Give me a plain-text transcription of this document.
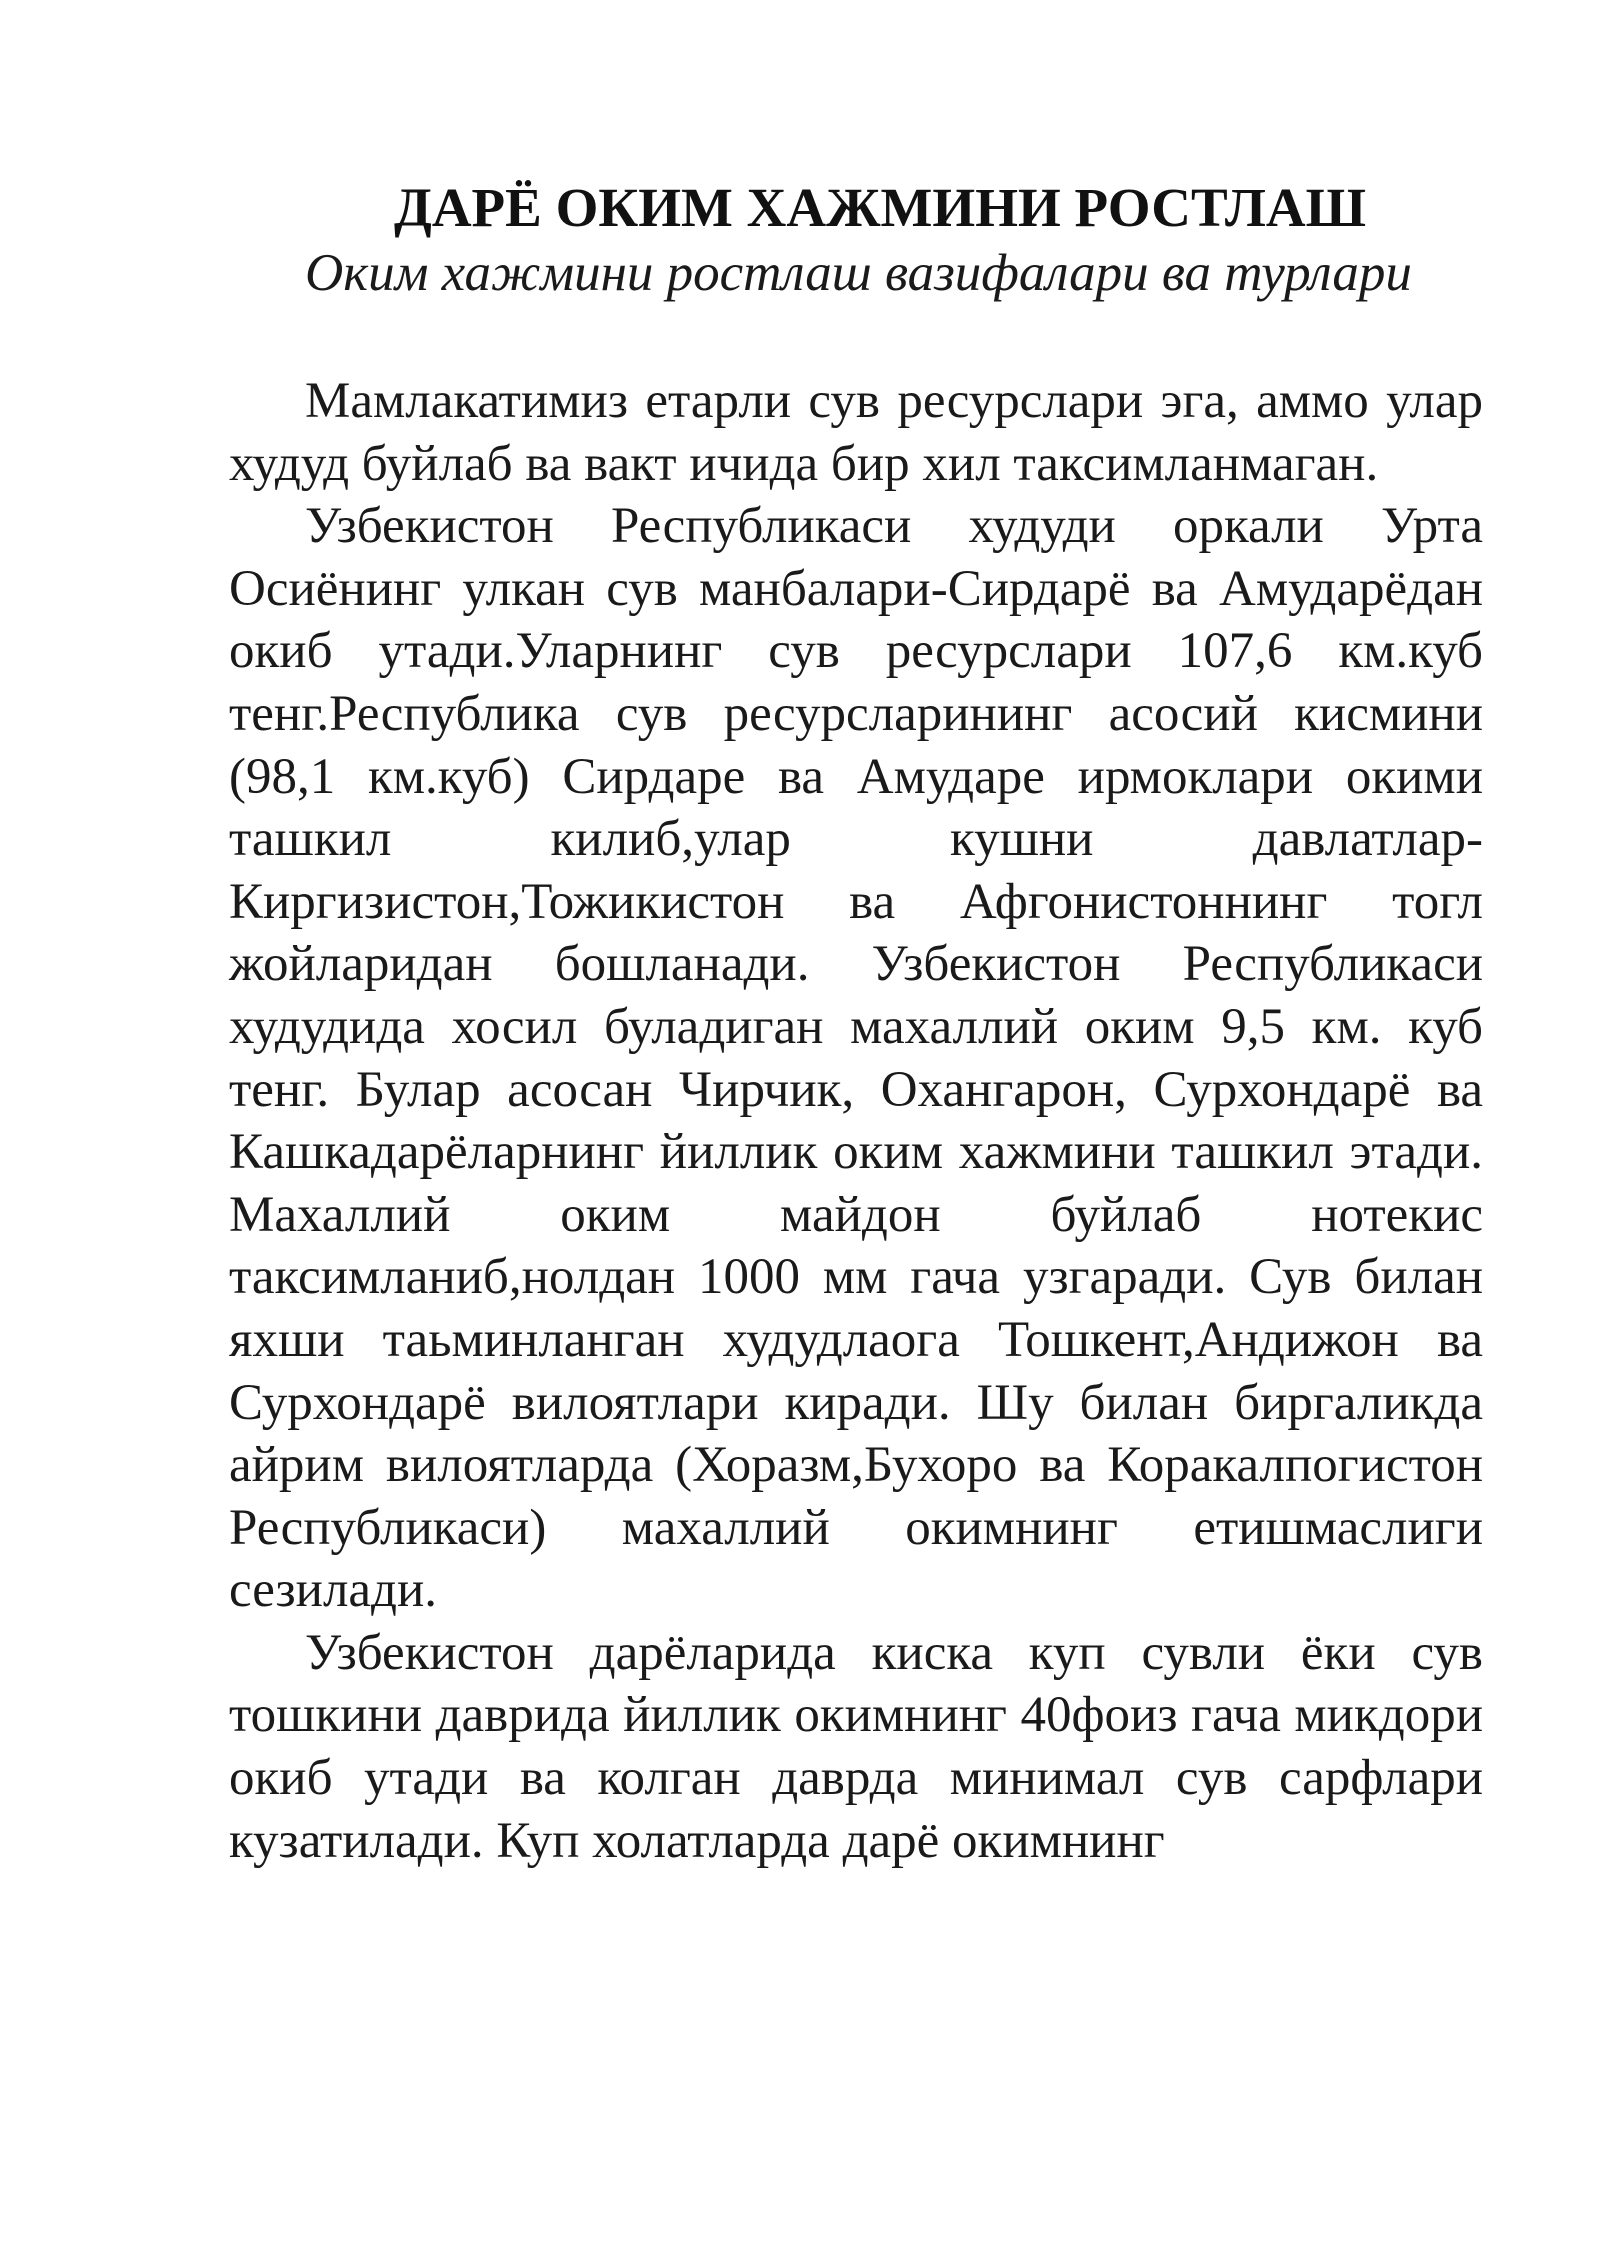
ДАРЁ ОКИМ ХАЖМИНИ РОСТЛАШ

Оким хажмини ростлаш вазифалари ва турлари

Мамлакатимиз етарли сув ресурслари эга, аммо улар худуд буйлаб ва вакт ичида бир хил таксимланмаган.

Узбекистон Республикаси худуди оркали Урта Осиёнинг улкан сув манбалари-Сирдарё ва Амударёдан окиб утади.Уларнинг сув ресурслари 107,6 км.куб тенг.Республика сув ресурсларининг асосий кисмини (98,1 км.куб) Сирдаре ва Амударе ирмоклари окими ташкил килиб,улар кушни давлатлар-Киргизистон,Тожикистон ва Афгонистоннинг тогл жойларидан бошланади. Узбекистон Республикаси худудида хосил буладиган махаллий оким 9,5 км. куб тенг. Булар асосан Чирчик, Охангарон, Сурхондарё ва Кашкадарёларнинг йиллик оким хажмини ташкил этади. Махаллий оким майдон буйлаб нотекис таксимланиб,нолдан 1000 мм гача узгаради. Сув билан яхши таьминланган худудлаога Тошкент,Андижон ва Сурхондарё вилоятлари киради. Шу билан биргаликда айрим вилоятларда (Хоразм,Бухоро ва Коракалпогистон Республикаси) махаллий окимнинг етишмаслиги сезилади.

Узбекистон дарёларида киска куп сувли ёки сув тошкини даврида йиллик окимнинг 40фоиз гача микдори окиб утади ва колган даврда минимал сув сарфлари кузатилади. Куп холатларда дарё окимнинг
